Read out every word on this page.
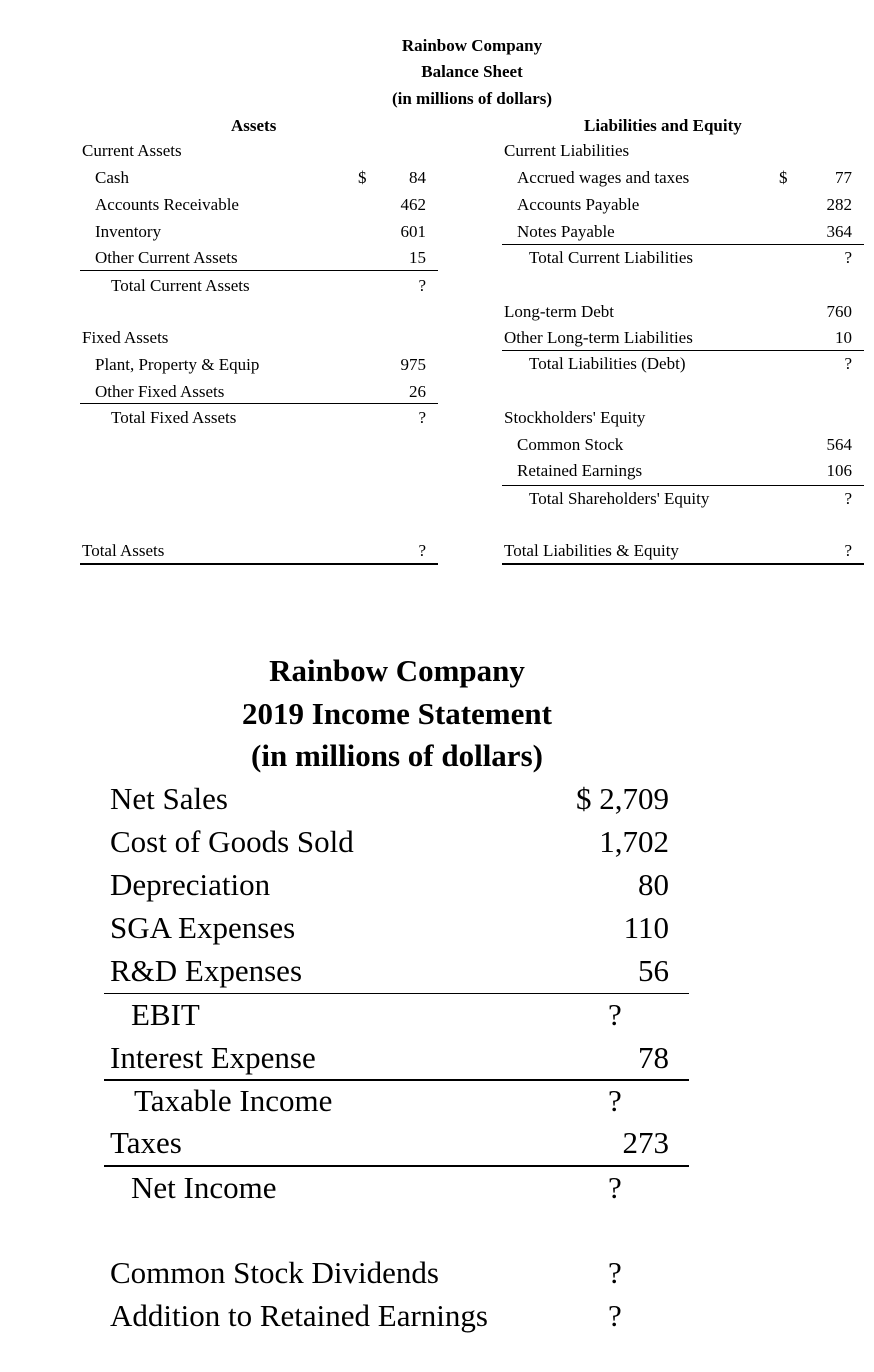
Rainbow Company
Balance Sheet
(in millions of dollars)
Assets	Liabilities and Equity
Current Assets
Cash	$	84
Accounts Receivable	462
Inventory	601
Other Current Assets	15
Total Current Assets	?
Fixed Assets
Plant, Property & Equip	975
Other Fixed Assets	26
Total Fixed Assets	?
Total Assets	?
Current Liabilities
Accrued wages and taxes	$	77
Accounts Payable	282
Notes Payable	364
Total Current Liabilities	?
Long-term Debt	760
Other Long-term Liabilities	10
Total Liabilities (Debt)	?
Stockholders' Equity
Common Stock	564
Retained Earnings	106
Total Shareholders' Equity	?
Total Liabilities & Equity	?
Rainbow Company
2019 Income Statement
(in millions of dollars)
Net Sales	$ 2,709
Cost of Goods Sold	1,702
Depreciation	80
SGA Expenses	110
R&D Expenses	56
EBIT	?
Interest Expense	78
Taxable Income	?
Taxes	273
Net Income	?
Common Stock Dividends	?
Addition to Retained Earnings	?
